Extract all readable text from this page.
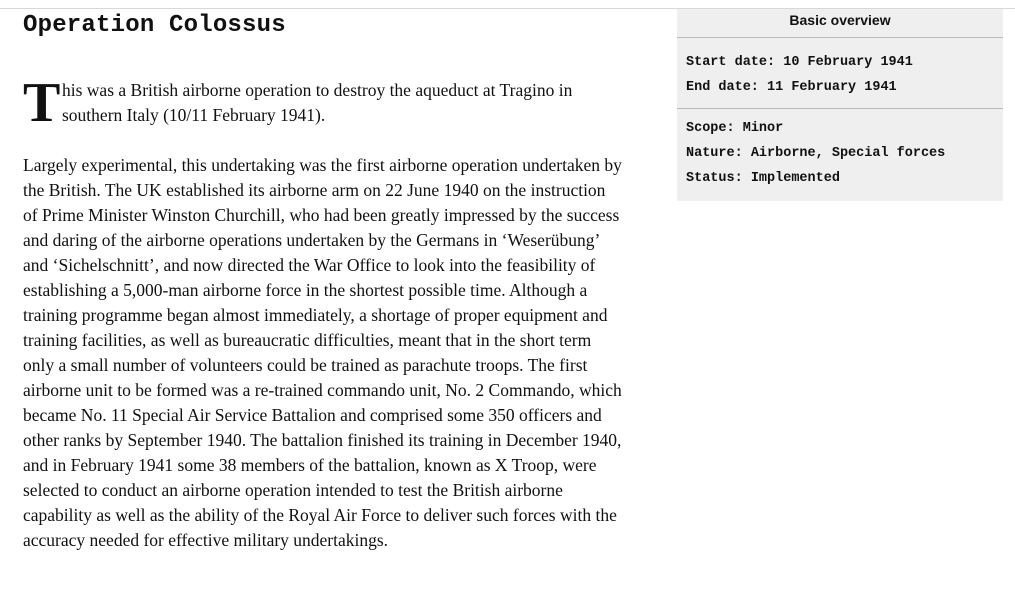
Operation Colossus
T his was a British airborne operation to destroy the aqueduct at Tragino in southern Italy (10/11 February 1941).

Largely experimental, this undertaking was the first airborne operation undertaken by the British. The UK established its airborne arm on 22 June 1940 on the instruction of Prime Minister Winston Churchill, who had been greatly impressed by the success and daring of the airborne operations undertaken by the Germans in ‘Weserübung’ and ‘Sichelschnitt’, and now directed the War Office to look into the feasibility of establishing a 5,000-man airborne force in the shortest possible time. Although a training programme began almost immediately, a shortage of proper equipment and training facilities, as well as bureaucratic difficulties, meant that in the short term only a small number of volunteers could be trained as parachute troops. The first airborne unit to be formed was a re-trained commando unit, No. 2 Commando, which became No. 11 Special Air Service Battalion and comprised some 350 officers and other ranks by September 1940. The battalion finished its training in December 1940, and in February 1941 some 38 members of the battalion, known as X Troop, were selected to conduct an airborne operation intended to test the British airborne capability as well as the ability of the Royal Air Force to deliver such forces with the accuracy needed for effective military undertakings.

Basic overview
Start date: 10 February 1941
End date: 11 February 1941
Scope: Minor
Nature: Airborne, Special forces
Status: Implemented
